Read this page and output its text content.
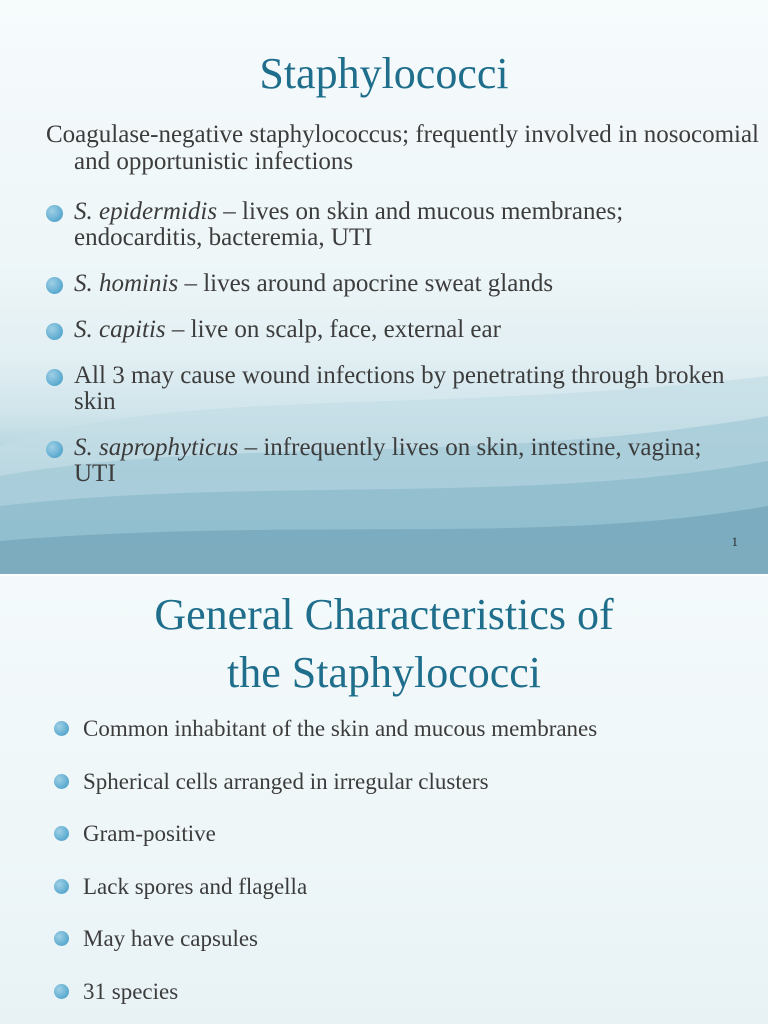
Staphylococci
Coagulase-negative staphylococcus; frequently involved in nosocomial and opportunistic infections
S. epidermidis – lives on skin and mucous membranes; endocarditis, bacteremia, UTI
S. hominis – lives around apocrine sweat glands
S. capitis – live on scalp, face, external ear
All 3 may cause wound infections by penetrating through broken skin
S. saprophyticus – infrequently lives on skin, intestine, vagina; UTI
1
General Characteristics of
the Staphylococci
Common inhabitant of the skin and mucous membranes
Spherical cells arranged in irregular clusters
Gram-positive
Lack spores and flagella
May have capsules
31 species
